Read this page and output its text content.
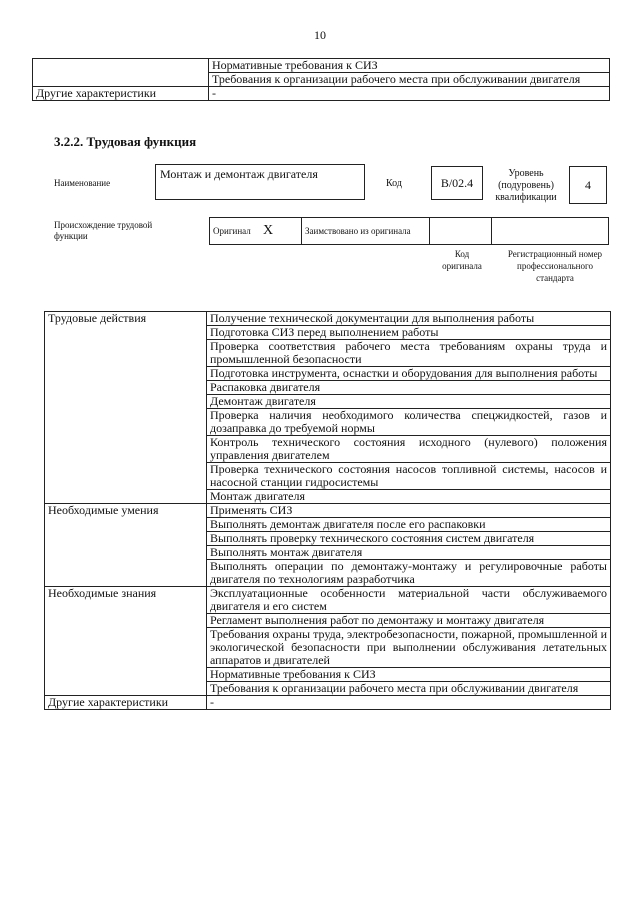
10
	Нормативные требования к СИЗ
	Требования к организации рабочего места при обслуживании двигателя
Другие характеристики	-
3.2.2. Трудовая функция
Наименование
Монтаж и демонтаж двигателя
Код	В/02.4
Уровень (подуровень) квалификации
4
Происхождение трудовой функции	Оригинал X	Заимствовано из оригинала		
Код оригинала
Регистрационный номер профессионального стандарта
Трудовые действия	Получение технической документации для выполнения работы
	Подготовка СИЗ перед выполнением работы
	Проверка соответствия рабочего места требованиям охраны труда и промышленной безопасности
	Подготовка инструмента, оснастки и оборудования для выполнения работы
	Распаковка двигателя
	Демонтаж двигателя
	Проверка наличия необходимого количества спецжидкостей, газов и дозаправка до требуемой нормы
	Контроль технического состояния исходного (нулевого) положения управления двигателем
	Проверка технического состояния насосов топливной системы, насосов и насосной станции гидросистемы
	Монтаж двигателя
Необходимые умения	Применять СИЗ
	Выполнять демонтаж двигателя после его распаковки
	Выполнять проверку технического состояния систем двигателя
	Выполнять монтаж двигателя
	Выполнять операции по демонтажу-монтажу и регулировочные работы двигателя по технологиям разработчика
Необходимые знания	Эксплуатационные особенности материальной части обслуживаемого двигателя и его систем
	Регламент выполнения работ по демонтажу и монтажу двигателя
	Требования охраны труда, электробезопасности, пожарной, промышленной и экологической безопасности при выполнении обслуживания летательных аппаратов и двигателей
	Нормативные требования к СИЗ
	Требования к организации рабочего места при обслуживании двигателя
Другие характеристики	-
